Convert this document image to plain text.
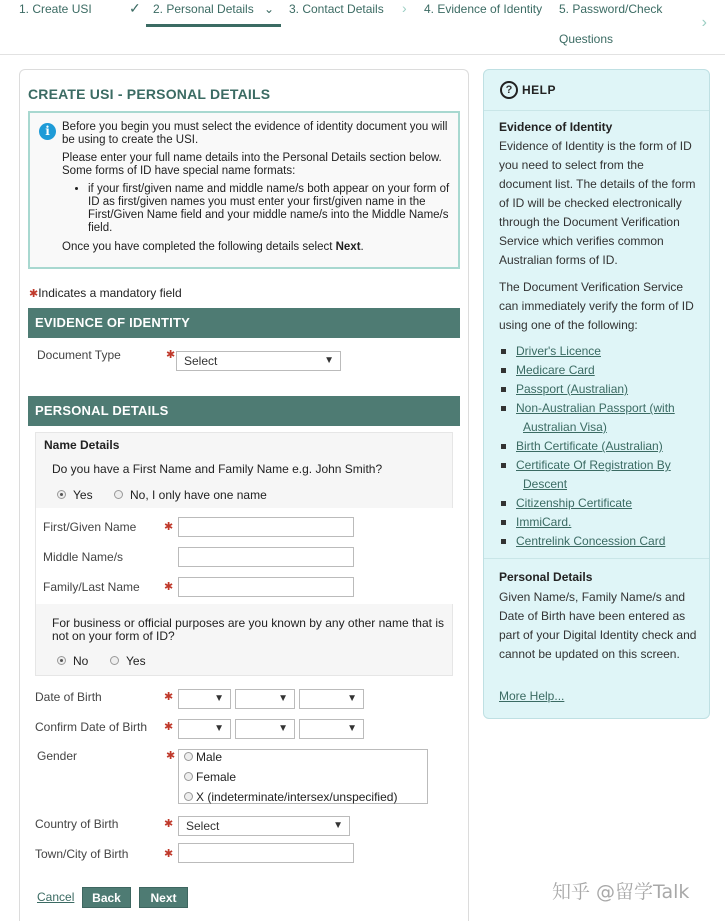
1. Create USI	✓ 2. Personal Details ⌄ 3. Contact Details › 4. Evidence of Identity 5. Password/Check
Questions
›
CREATE USI - PERSONAL DETAILS
i	Before you begin you must select the evidence of identity document you will be using to create the USI.

Please enter your full name details into the Personal Details section below. Some forms of ID have special name formats:

• if your first/given name and middle name/s both appear on your form of ID as first/given names you must enter your first/given name in the First/Given Name field and your middle name/s into the Middle Name/s field.

Once you have completed the following details select Next.

✱Indicates a mandatory field
EVIDENCE OF IDENTITY
Document Type	✱ Select	▼
PERSONAL DETAILS
Name Details
Do you have a First Name and Family Name e.g. John Smith?
Yes	No, I only have one name
First/Given Name	✱
Middle Name/s
Family/Last Name ✱
For business or official purposes are you known by any other name that is not on your form of ID?
No	Yes
Date of Birth	✱	▼	▼	▼
Confirm Date of Birth ✱	▼	▼	▼
Gender	✱ Male
Female
X (indeterminate/intersex/unspecified)
Country of Birth	✱	Select	▼
Town/City of Birth	✱
Cancel	Back	Next
? HELP
Evidence of Identity
Evidence of Identity is the form of ID you need to select from the document list. The details of the form of ID will be checked electronically through the Document Verification Service which verifies common Australian forms of ID.
The Document Verification Service can immediately verify the form of ID using one of the following:
Driver's Licence
Medicare Card
Passport (Australian)
Non-Australian Passport (with
Australian Visa)
Birth Certificate (Australian)
Certificate Of Registration By
Descent
Citizenship Certificate
ImmiCard.
Centrelink Concession Card
Personal Details
Given Name/s, Family Name/s and Date of Birth have been entered as part of your Digital Identity check and cannot be updated on this screen.
More Help...
知乎 @留学Talk
